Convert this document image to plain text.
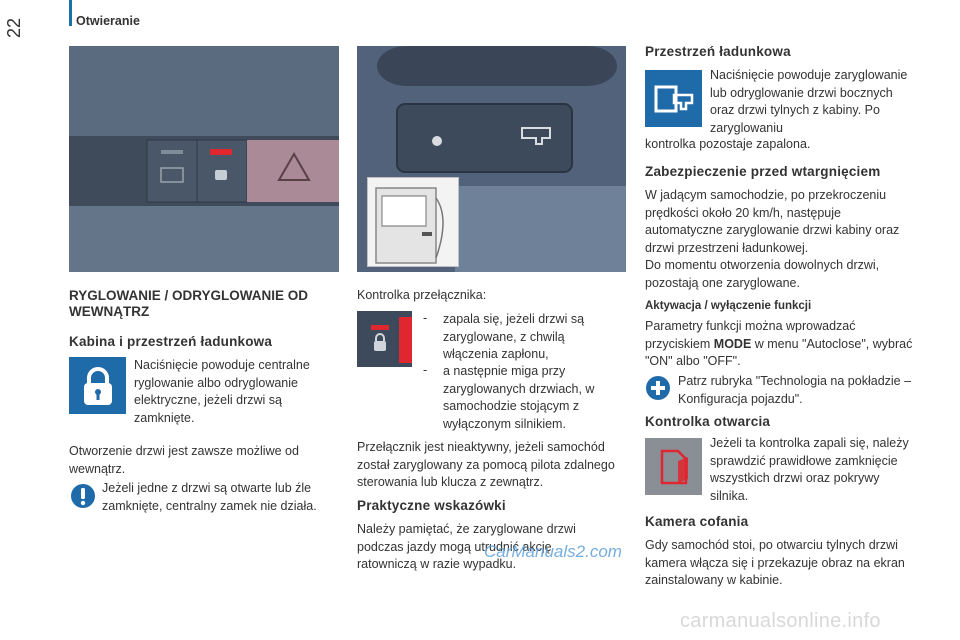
Otwieranie
22
RYGLOWANIE / ODRYGLOWANIE OD WEWNĄTRZ
Kabina i przestrzeń ładunkowa
Naciśnięcie powoduje centralne ryglowanie albo odryglowanie elektryczne, jeżeli drzwi są zamknięte.
Otworzenie drzwi jest zawsze możliwe od wewnątrz.
Jeżeli jedne z drzwi są otwarte lub źle zamknięte, centralny zamek nie działa.
Kontrolka przełącznika:
- zapala się, jeżeli drzwi są zaryglowane, z chwilą włączenia zapłonu,
- a następnie miga przy zaryglowanych drzwiach, w samochodzie stojącym z wyłączonym silnikiem.
Przełącznik jest nieaktywny, jeżeli samochód został zaryglowany za pomocą pilota zdalnego sterowania lub klucza z zewnątrz.
Praktyczne wskazówki
Należy pamiętać, że zaryglowane drzwi podczas jazdy mogą utrudnić akcję ratowniczą w razie wypadku.
Przestrzeń ładunkowa
Naciśnięcie powoduje zaryglowanie lub odryglowanie drzwi bocznych oraz drzwi tylnych z kabiny. Po zaryglowaniu
kontrolka pozostaje zapalona.
Zabezpieczenie przed wtargnięciem
W jadącym samochodzie, po przekroczeniu prędkości około 20 km/h, następuje automatyczne zaryglowanie drzwi kabiny oraz drzwi przestrzeni ładunkowej.
Do momentu otworzenia dowolnych drzwi, pozostają one zaryglowane.
Aktywacja / wyłączenie funkcji
Parametry funkcji można wprowadzać przyciskiem MODE w menu "Autoclose", wybrać "ON" albo "OFF".
Patrz rubryka "Technologia na pokładzie – Konfiguracja pojazdu".
Kontrolka otwarcia
Jeżeli ta kontrolka zapali się, należy sprawdzić prawidłowe zamknięcie wszystkich drzwi oraz pokrywy silnika.
Kamera cofania
Gdy samochód stoi, po otwarciu tylnych drzwi kamera włącza się i przekazuje obraz na ekran zainstalowany w kabinie.
CarManuals2.com
carmanualsonline.info
